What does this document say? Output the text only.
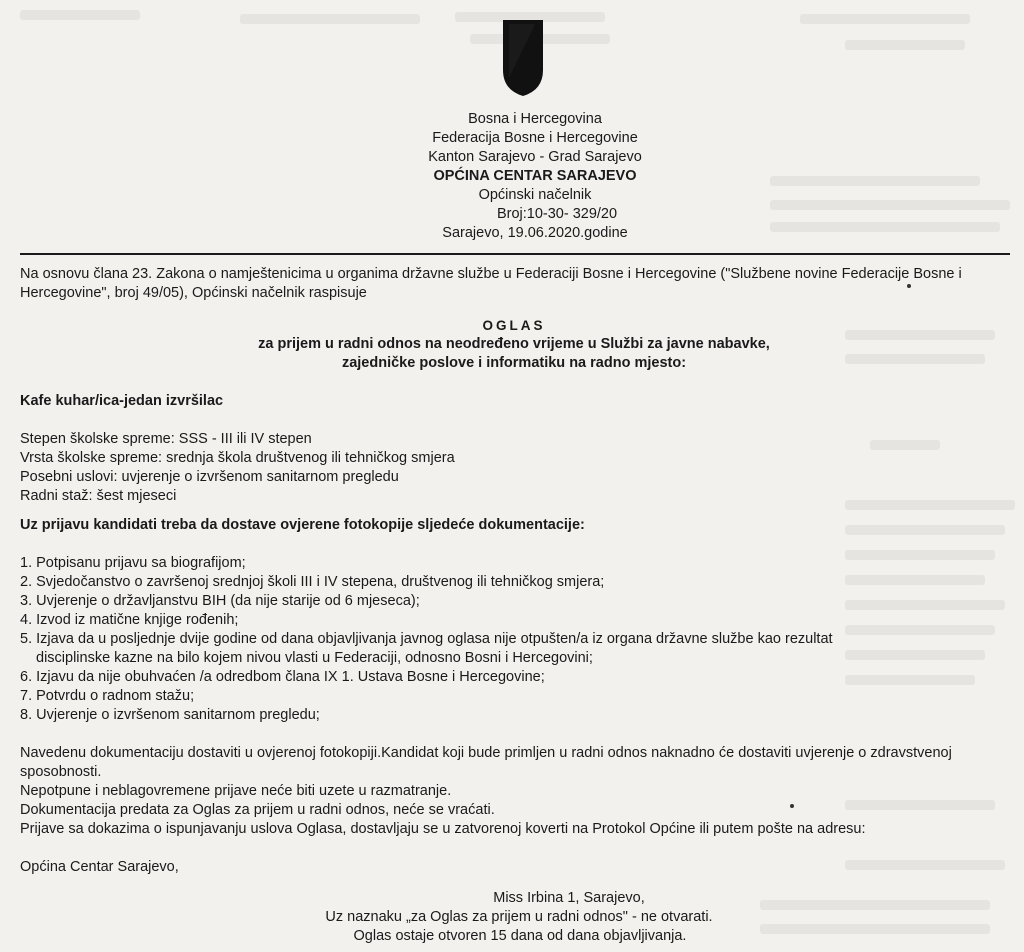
Bosna i Hercegovina
Federacija Bosne i Hercegovine
Kanton Sarajevo - Grad Sarajevo
OPĆINA CENTAR SARAJEVO
Općinski načelnik
Broj:10-30- 329/20
Sarajevo, 19.06.2020.godine

Na osnovu člana 23. Zakona o namještenicima u organima državne službe u Federaciji Bosne i Hercegovine ("Službene novine Federacije Bosne i Hercegovine", broj 49/05), Općinski načelnik raspisuje

OGLAS
za prijem u radni odnos na neodređeno vrijeme u Službi za javne nabavke,
zajedničke poslove i informatiku na radno mjesto:
Kafe kuhar/ica-jedan izvršilac
Stepen školske spreme: SSS - III ili IV stepen
Vrsta školske spreme: srednja škola društvenog ili tehničkog smjera
Posebni uslovi: uvjerenje o izvršenom sanitarnom pregledu
Radni staž: šest mjeseci
Uz prijavu kandidati treba da dostave ovjerene fotokopije sljedeće dokumentacije:
1. Potpisanu prijavu sa biografijom;
2. Svjedočanstvo o završenoj srednjoj školi III i IV stepena, društvenog ili tehničkog smjera;
3. Uvjerenje o državljanstvu BIH (da nije starije od 6 mjeseca);
4. Izvod iz matične knjige rođenih;
5. Izjava da u posljednje dvije godine od dana objavljivanja javnog oglasa nije otpušten/a iz organa državne službe kao rezultat
disciplinske kazne na bilo kojem nivou vlasti u Federaciji, odnosno Bosni i Hercegovini;
6. Izjavu da nije obuhvaćen /a odredbom člana IX 1. Ustava Bosne i Hercegovine;
7. Potvrdu o radnom stažu;
8. Uvjerenje o izvršenom sanitarnom pregledu;
Navedenu dokumentaciju dostaviti u ovjerenoj fotokopiji.Kandidat koji bude primljen u radni odnos naknadno će dostaviti uvjerenje o zdravstvenoj sposobnosti.
Nepotpune i neblagovremene prijave neće biti uzete u razmatranje.
Dokumentacija predata za Oglas za prijem u radni odnos, neće se vraćati.
Prijave sa dokazima o ispunjavanju uslova Oglasa, dostavljaju se u zatvorenoj koverti na Protokol Općine ili putem pošte na adresu:
Općina Centar Sarajevo,
Miss Irbina 1, Sarajevo,
Uz naznaku „za Oglas za prijem u radni odnos" - ne otvarati.
Oglas ostaje otvoren 15 dana od dana objavljivanja.
